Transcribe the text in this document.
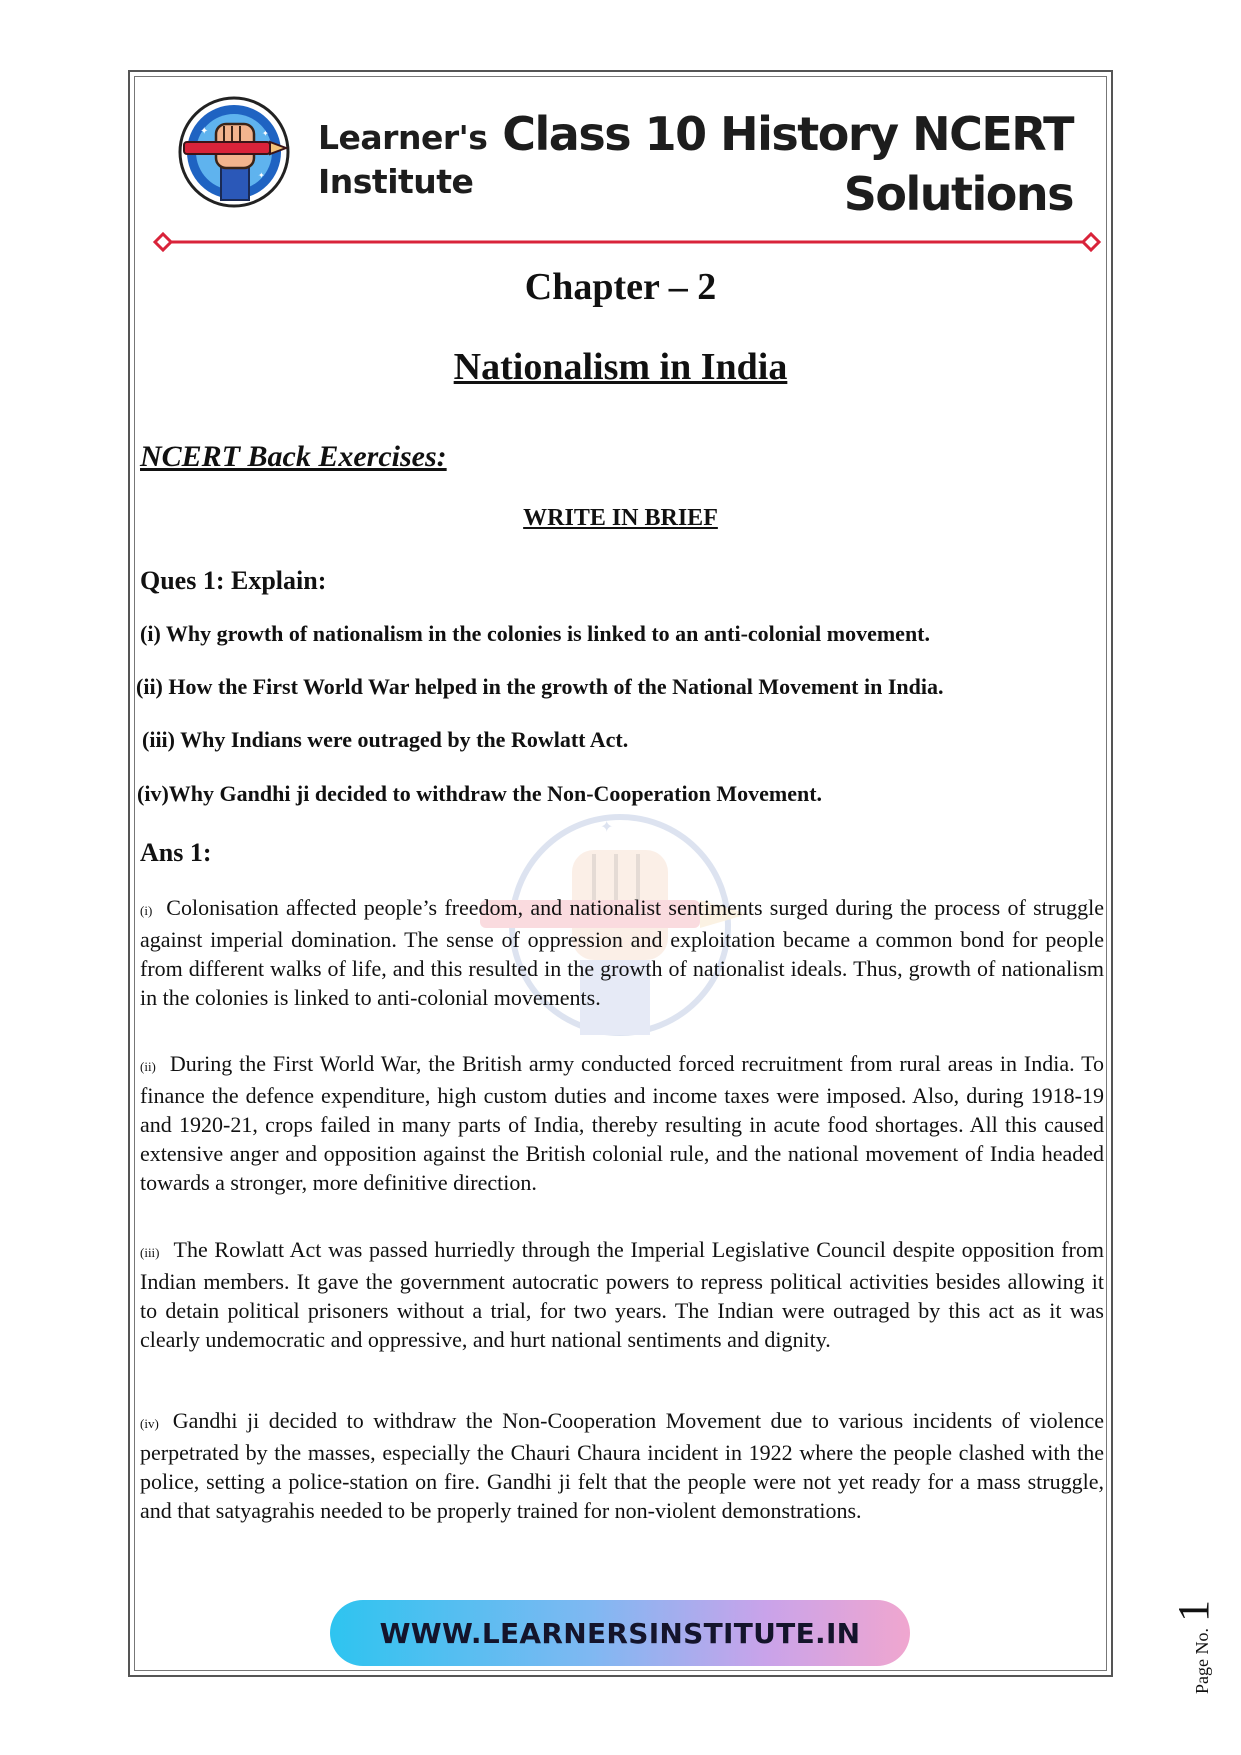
✦	✦
✦
Learner's
Institute
Class 10 History NCERT
Solutions
Chapter – 2
Nationalism in India
NCERT Back Exercises:
WRITE IN BRIEF
Ques 1: Explain:
(i) Why growth of nationalism in the colonies is linked to an anti-colonial movement.
(ii) How the First World War helped in the growth of the National Movement in India.
(iii) Why Indians were outraged by the Rowlatt Act.
(iv)Why Gandhi ji decided to withdraw the Non-Cooperation Movement.
Ans 1:
✦

(i) Colonisation affected people’s freedom, and nationalist sentiments surged during the process of struggle against imperial domination. The sense of oppression and exploitation became a common bond for people from different walks of life, and this resulted in the growth of nationalist ideals. Thus, growth of nationalism in the colonies is linked to anti-colonial movements.

(ii) During the First World War, the British army conducted forced recruitment from rural areas in India. To finance the defence expenditure, high custom duties and income taxes were imposed. Also, during 1918-19 and 1920-21, crops failed in many parts of India, thereby resulting in acute food shortages. All this caused extensive anger and opposition against the British colonial rule, and the national movement of India headed towards a stronger, more definitive direction.

(iii) The Rowlatt Act was passed hurriedly through the Imperial Legislative Council despite opposition from Indian members. It gave the government autocratic powers to repress political activities besides allowing it to detain political prisoners without a trial, for two years. The Indian were outraged by this act as it was clearly undemocratic and oppressive, and hurt national sentiments and dignity.

(iv) Gandhi ji decided to withdraw the Non-Cooperation Movement due to various incidents of violence perpetrated by the masses, especially the Chauri Chaura incident in 1922 where the people clashed with the police, setting a police-station on fire. Gandhi ji felt that the people were not yet ready for a mass struggle, and that satyagrahis needed to be properly trained for non-violent demonstrations.

WWW.LEARNERSINSTITUTE.IN	Page No.1
